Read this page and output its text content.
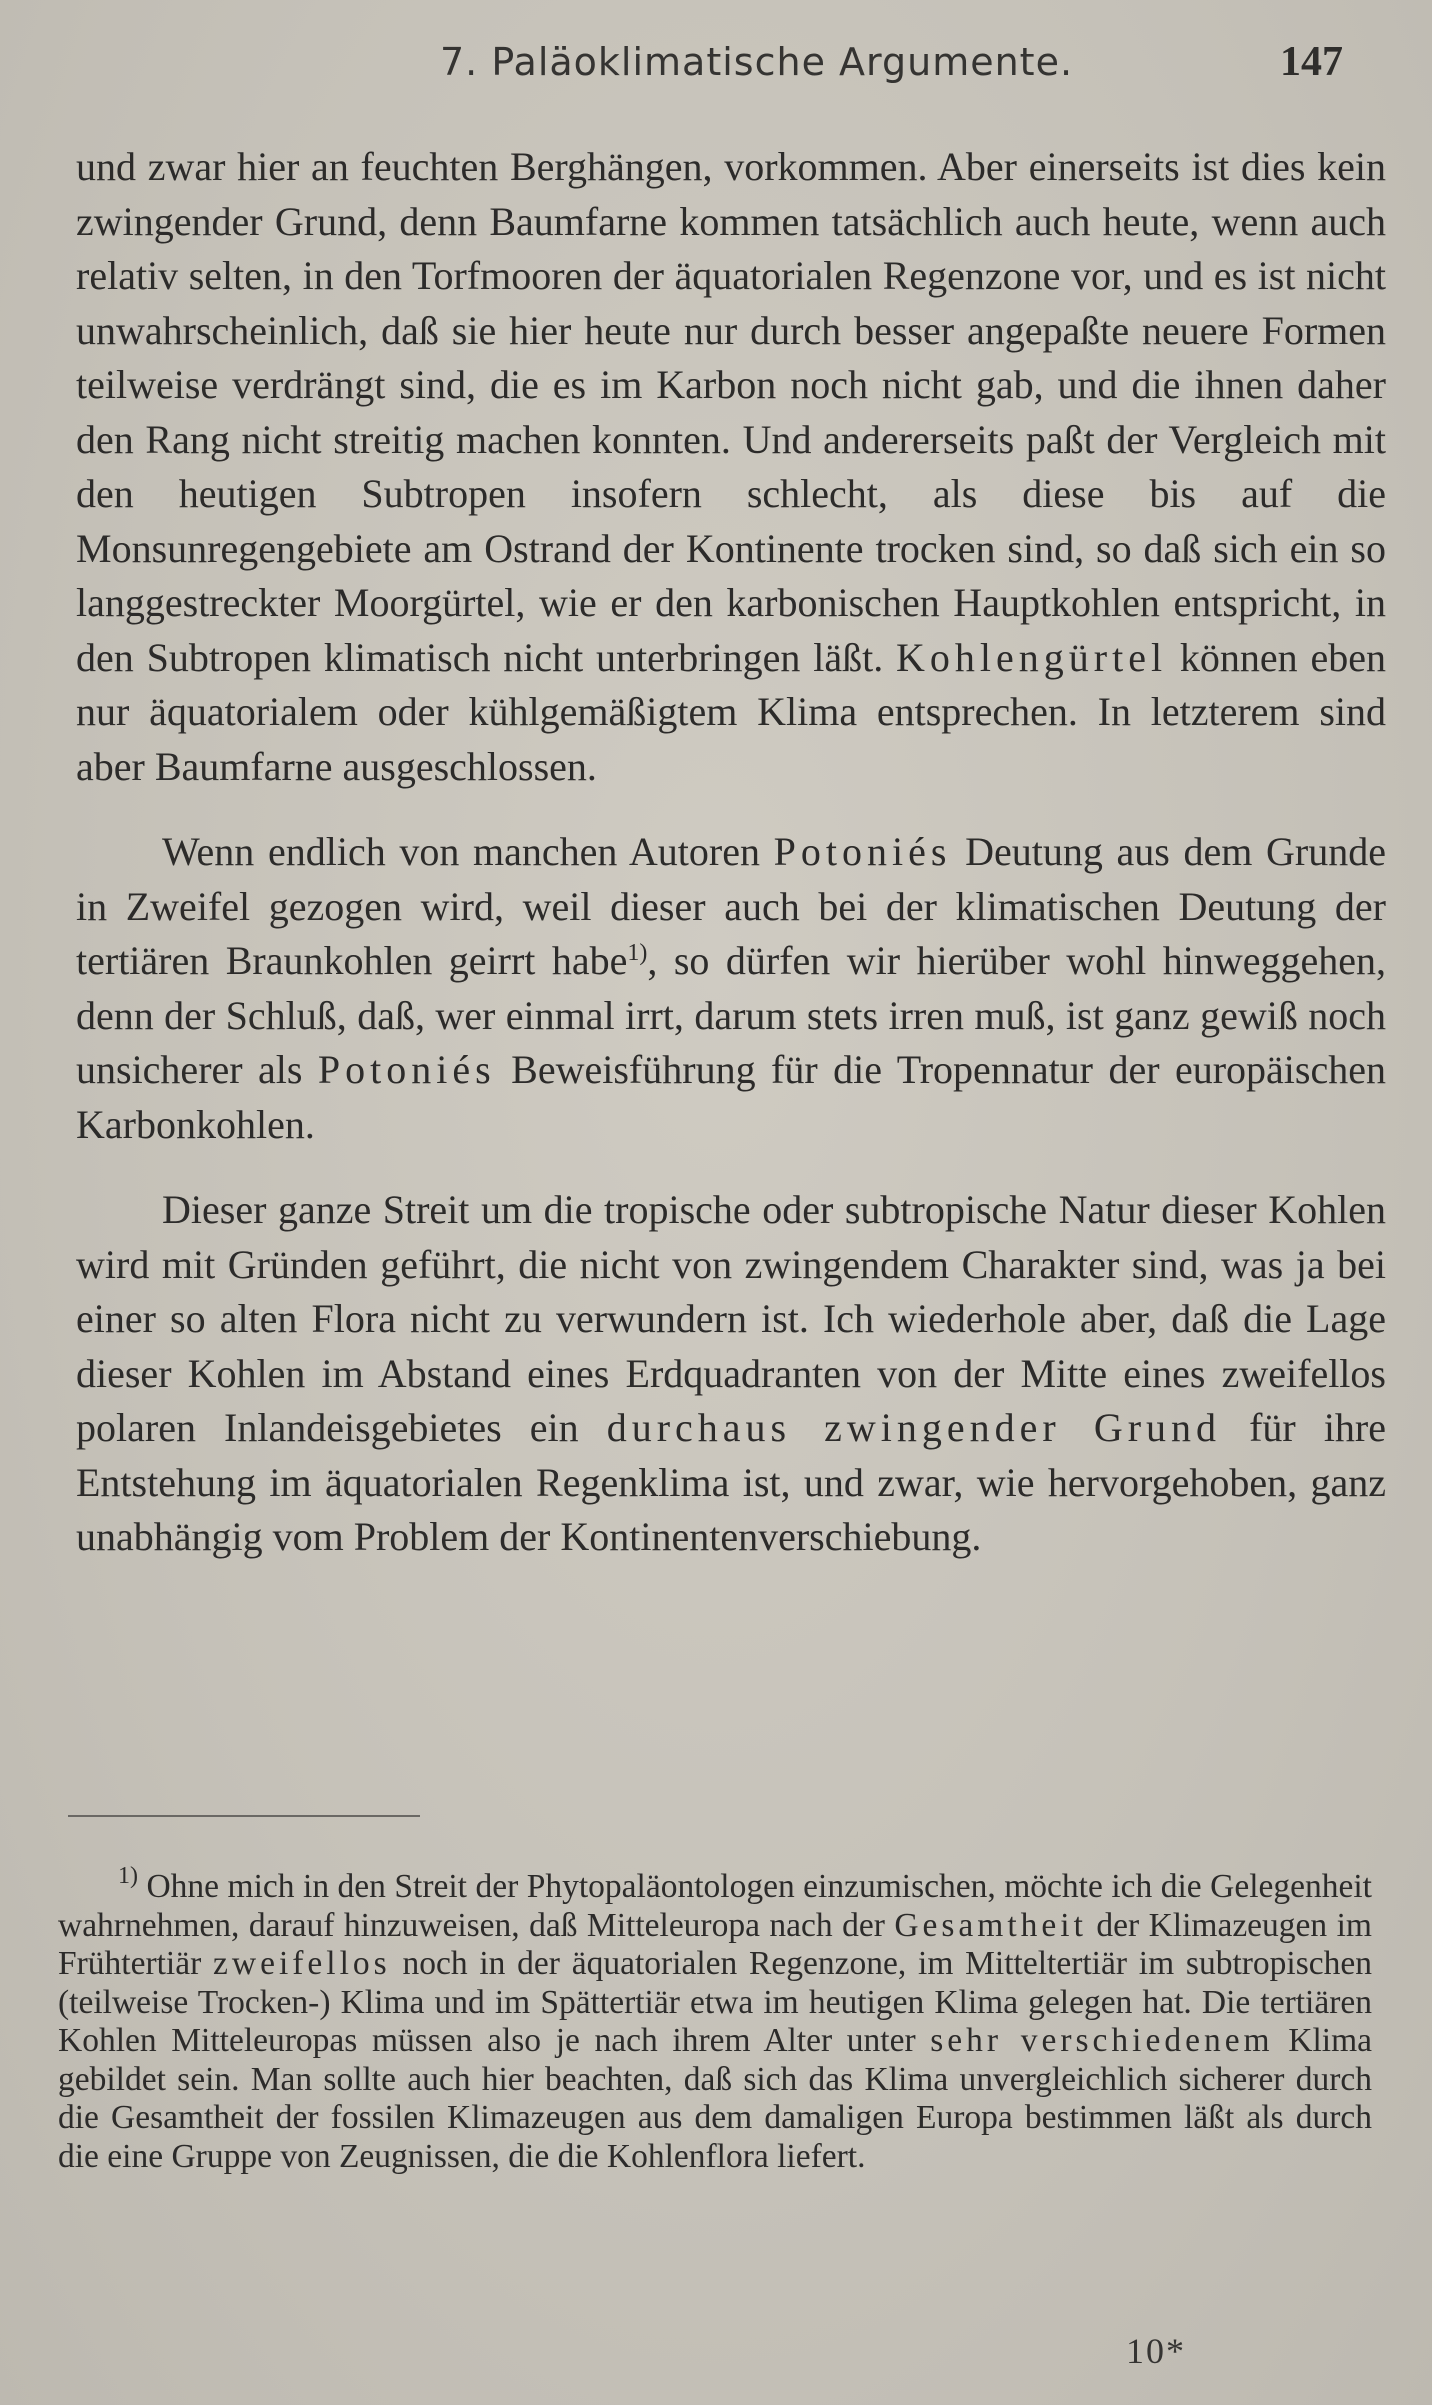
7. Paläoklimatische Argumente.	147

und zwar hier an feuchten Berghängen, vorkommen. Aber einerseits ist dies kein zwingender Grund, denn Baumfarne kommen tatsächlich auch heute, wenn auch relativ selten, in den Torfmooren der äquatorialen Regenzone vor, und es ist nicht unwahrscheinlich, daß sie hier heute nur durch besser angepaßte neuere Formen teilweise verdrängt sind, die es im Karbon noch nicht gab, und die ihnen daher den Rang nicht streitig machen konnten. Und andererseits paßt der Vergleich mit den heutigen Subtropen insofern schlecht, als diese bis auf die Monsunregengebiete am Ostrand der Kontinente trocken sind, so daß sich ein so langgestreckter Moorgürtel, wie er den karbonischen Hauptkohlen entspricht, in den Subtropen klimatisch nicht unterbringen läßt. Kohlengürtel können eben nur äquatorialem oder kühlgemäßigtem Klima entsprechen. In letzterem sind aber Baumfarne ausgeschlossen.

Wenn endlich von manchen Autoren Potoniés Deutung aus dem Grunde in Zweifel gezogen wird, weil dieser auch bei der klimatischen Deutung der tertiären Braunkohlen geirrt habe$^{1)}$, so dürfen wir hierüber wohl hinweggehen, denn der Schluß, daß, wer einmal irrt, darum stets irren muß, ist ganz gewiß noch unsicherer als Potoniés Beweisführung für die Tropennatur der europäischen Karbonkohlen.

Dieser ganze Streit um die tropische oder subtropische Natur dieser Kohlen wird mit Gründen geführt, die nicht von zwingendem Charakter sind, was ja bei einer so alten Flora nicht zu verwundern ist. Ich wiederhole aber, daß die Lage dieser Kohlen im Abstand eines Erdquadranten von der Mitte eines zweifellos polaren Inlandeisgebietes ein durchaus zwingender Grund für ihre Entstehung im äquatorialen Regenklima ist, und zwar, wie hervorgehoben, ganz unabhängig vom Problem der Kontinentenverschiebung.

$^{1)}$ Ohne mich in den Streit der Phytopaläontologen einzumischen, möchte ich die Gelegenheit wahrnehmen, darauf hinzuweisen, daß Mitteleuropa nach der Gesamtheit der Klimazeugen im Frühtertiär zweifellos noch in der äquatorialen Regenzone, im Mitteltertiär im subtropischen (teilweise Trocken-) Klima und im Spättertiär etwa im heutigen Klima gelegen hat. Die tertiären Kohlen Mitteleuropas müssen also je nach ihrem Alter unter sehr verschiedenem Klima gebildet sein. Man sollte auch hier beachten, daß sich das Klima unvergleichlich sicherer durch die Gesamtheit der fossilen Klimazeugen aus dem damaligen Europa bestimmen läßt als durch die eine Gruppe von Zeugnissen, die die Kohlenflora liefert.

10*
